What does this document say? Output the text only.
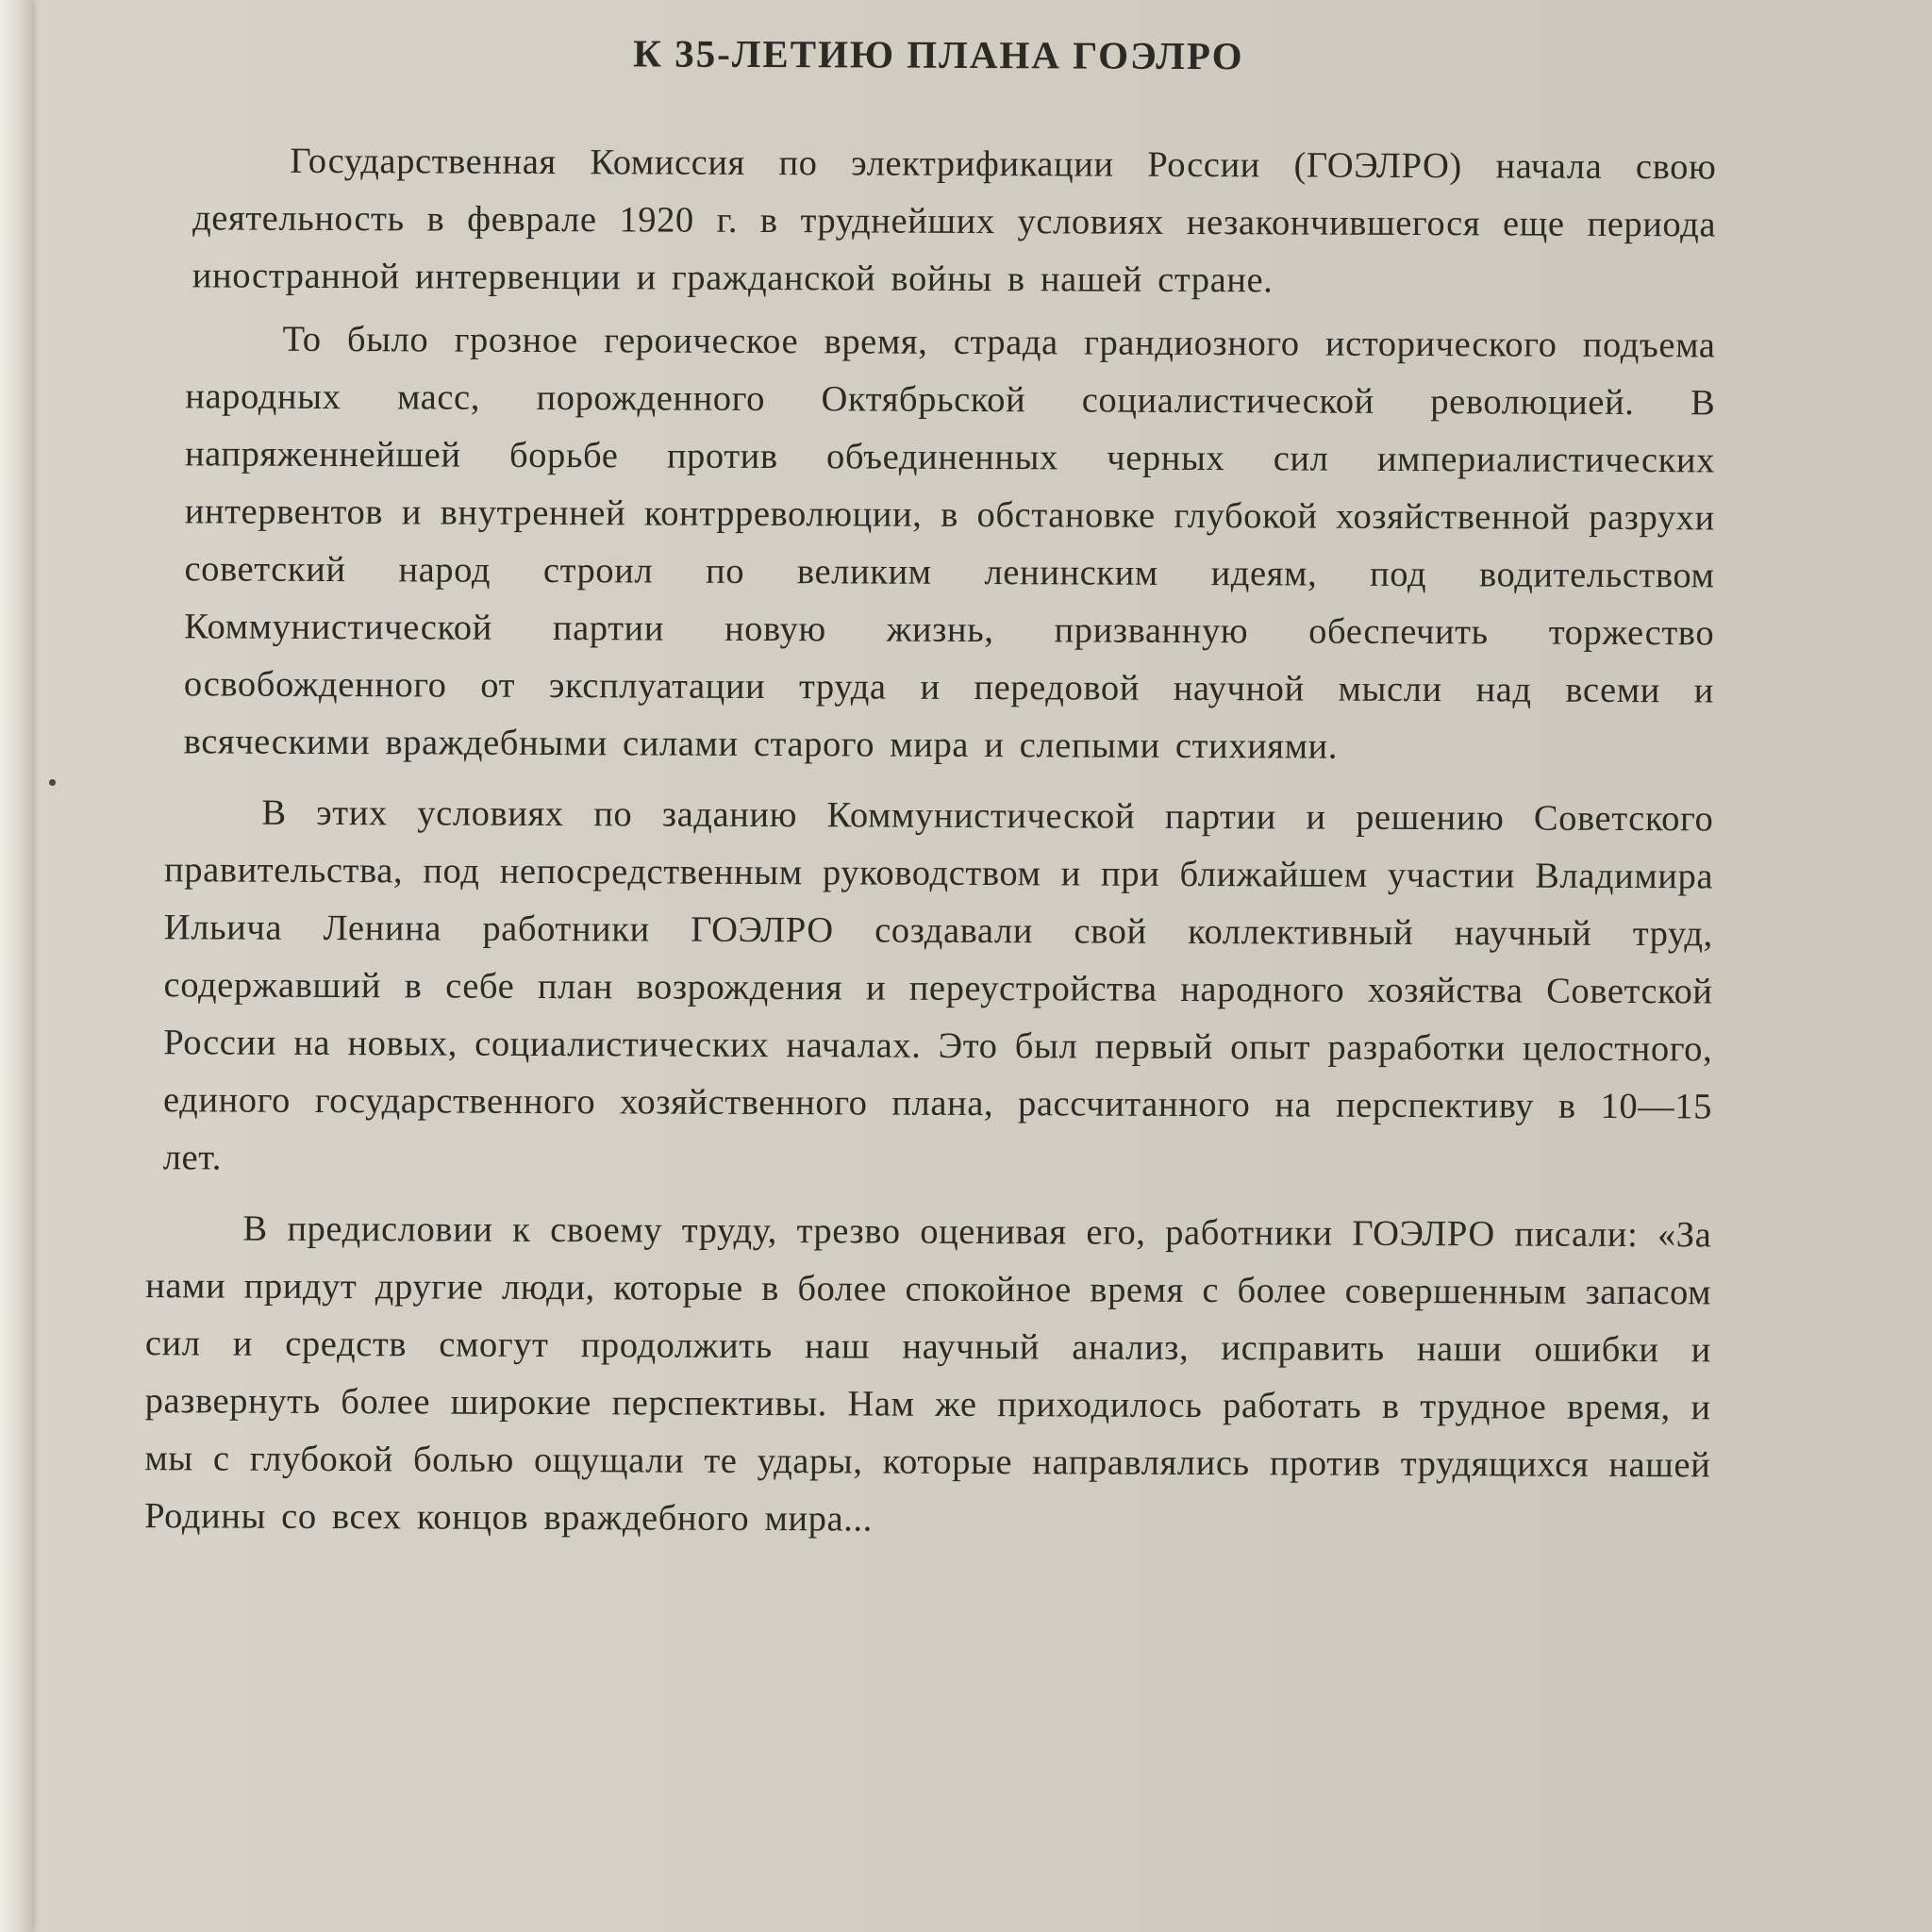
К 35-ЛЕТИЮ ПЛАНА ГОЭЛРО

Государственная Комиссия по электрификации России (ГОЭЛРО) начала свою деятельность в феврале 1920 г. в труднейших условиях незакончившегося еще периода иностранной интервенции и гражданской войны в нашей стране.

То было грозное героическое время, страда грандиозного исторического подъема народных масс, порожденного Октябрьской социалистической революцией. В напряженнейшей борьбе против объединенных черных сил империалистических интервентов и внутренней контрреволюции, в обстановке глубокой хозяйственной разрухи советский народ строил по великим ленинским идеям, под водительством Коммунистической партии новую жизнь, призванную обеспечить торжество освобожденного от эксплуатации труда и передовой научной мысли над всеми и всяческими враждебными силами старого мира и слепыми стихиями.

В этих условиях по заданию Коммунистической партии и решению Советского правительства, под непосредственным руководством и при ближайшем участии Владимира Ильича Ленина работники ГОЭЛРО создавали свой коллективный научный труд, содержавший в себе план возрождения и переустройства народного хозяйства Советской России на новых, социалистических началах. Это был первый опыт разработки целостного, единого государственного хозяйственного плана, рассчитанного на перспективу в 10—15 лет.

В предисловии к своему труду, трезво оценивая его, работники ГОЭЛРО писали: «За нами придут другие люди, которые в более спокойное время с более совершенным запасом сил и средств смогут продолжить наш научный анализ, исправить наши ошибки и развернуть более широкие перспективы. Нам же приходилось работать в трудное время, и мы с глубокой болью ощущали те удары, которые направлялись против трудящихся нашей Родины со всех концов враждебного мира...
